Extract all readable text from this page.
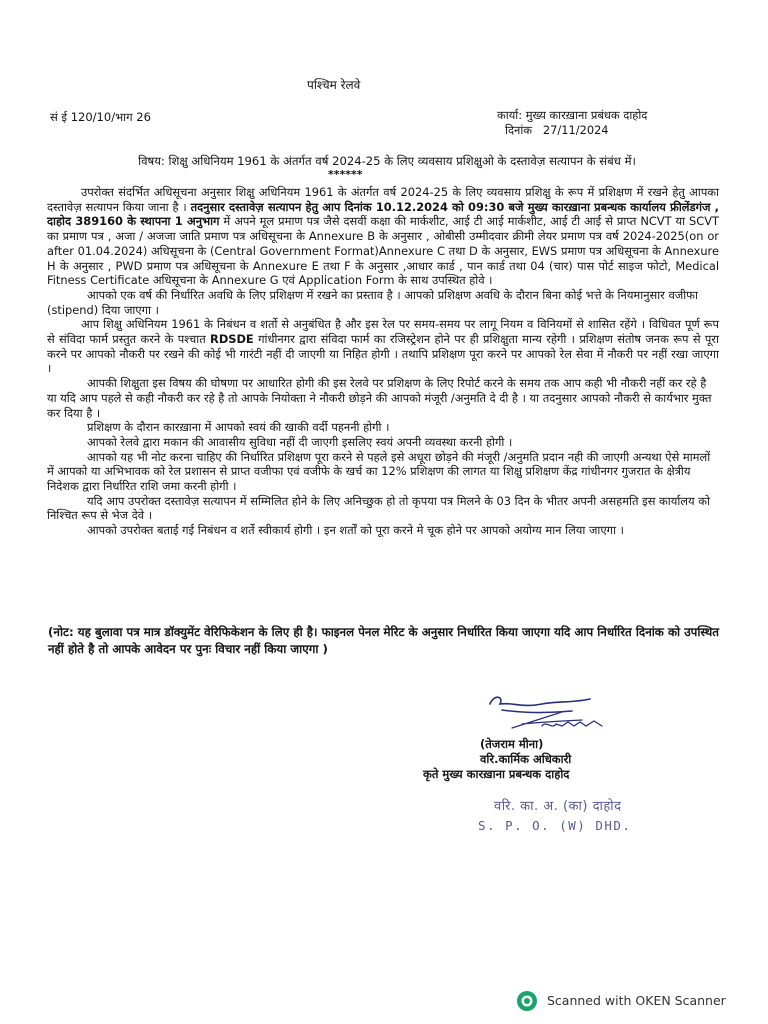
पश्चिम रेलवे
सं ई 120/10/भाग 26	कार्या: मुख्य कारख़ाना प्रबंधक दाहोद
दिनांक 27/11/2024
विषय: शिक्षु अधिनियम 1961 के अंतर्गत वर्ष 2024-25 के लिए व्यवसाय प्रशिक्षुओ के दस्तावेज़ सत्यापन के संबंध में।
******

उपरोक्त संदर्भित अधिसूचना अनुसार शिक्षु अधिनियम 1961 के अंतर्गत वर्ष 2024-25 के लिए व्यवसाय प्रशिक्षु के रूप में प्रशिक्षण में रखने हेतु आपका दस्तावेज़ सत्यापन किया जाना है । तदनुसार दस्तावेज़ सत्यापन हेतु आप दिनांक 10.12.2024 को 09:30 बजे मुख्य कारख़ाना प्रबन्धक कार्यालय फ्रीलेंडगंज , दाहोद 389160 के स्थापना 1 अनुभाग में अपने मूल प्रमाण पत्र जैसे दसवीं कक्षा की मार्कशीट, आई टी आई मार्कशीट, आई टी आई से प्राप्त NCVT या SCVT का प्रमाण पत्र , अजा / अजजा जाति प्रमाण पत्र अधिसूचना के Annexure B के अनुसार , ओबीसी उम्मीदवार क्रीमी लेयर प्रमाण पत्र वर्ष 2024-2025(on or after 01.04.2024) अधिसूचना के (Central Government Format)Annexure C तथा D के अनुसार, EWS प्रमाण पत्र अधिसूचना के Annexure H के अनुसार , PWD प्रमाण पत्र अधिसूचना के Annexure E तथा F के अनुसार ,आधार कार्ड , पान कार्ड तथा 04 (चार) पास पोर्ट साइज फोटो, Medical Fitness Certificate अधिसूचना के Annexure G एवं Application Form के साथ उपस्थित होवे ।

आपको एक वर्ष की निर्धारित अवधि के लिए प्रशिक्षण में रखने का प्रस्ताव है । आपको प्रशिक्षण अवधि के दौरान बिना कोई भत्ते के नियमानुसार वजीफा (stipend) दिया जाएगा ।

आप शिक्षु अधिनियम 1961 के निबंधन व शर्तो से अनुबंधित है और इस रेल पर समय-समय पर लागू नियम व विनियमों से शासित रहेंगे । विधिवत पूर्ण रूप से संविदा फार्म प्रस्तुत करने के पश्चात RDSDE गांधीनगर द्वारा संविदा फार्म का रजिस्ट्रेशन होने पर ही प्रशिक्षुता मान्य रहेगी । प्रशिक्षण संतोष जनक रूप से पूरा करने पर आपको नौकरी पर रखने की कोई भी गारंटी नहीं दी जाएगी या निहित होगी । तथापि प्रशिक्षण पूरा करने पर आपको रेल सेवा में नौकरी पर नहीं रखा जाएगा ।

आपकी शिक्षुता इस विषय की घोषणा पर आधारित होगी की इस रेलवे पर प्रशिक्षण के लिए रिपोर्ट करने के समय तक आप कही भी नौकरी नहीं कर रहे है या यदि आप पहले से कही नौकरी कर रहे है तो आपके नियोक्ता ने नौकरी छोड़ने की आपको मंजूरी /अनुमति दे दी है । या तदनुसार आपको नौकरी से कार्यभार मुक्त कर दिया है ।

प्रशिक्षण के दौरान कारख़ाना में आपको स्वयं की खाकी वर्दी पहननी होगी ।

आपको रेलवे द्वारा मकान की आवासीय सुविधा नहीं दी जाएगी इसलिए स्वयं अपनी व्यवस्था करनी होगी ।

आपको यह भी नोट करना चाहिए की निर्धारित प्रशिक्षण पूरा करने से पहले इसे अधूरा छोड़ने की मंजूरी /अनुमति प्रदान नही की जाएगी अन्यथा ऐसे मामलों में आपको या अभिभावक को रेल प्रशासन से प्राप्त वजीफा एवं वजीफे के खर्च का 12% प्रशिक्षण की लागत या शिक्षु प्रशिक्षण केंद्र गांधीनगर गुजरात के क्षेत्रीय निदेशक द्वारा निर्धारित राशि जमा करनी होगी ।

यदि आप उपरोक्त दस्तावेज़ सत्यापन में सम्मिलित होने के लिए अनिच्छुक हो तो कृपया पत्र मिलने के 03 दिन के भीतर अपनी असहमति इस कार्यालय को निश्चित रूप से भेज देवे ।

आपको उपरोक्त बताई गई निबंधन व शर्ते स्वीकार्य होगी । इन शर्तों को पूरा करने मे चूक होने पर आपको अयोग्य मान लिया जाएगा ।

(नोट: यह बुलावा पत्र मात्र डॉक्युमेंट वेरिफिकेशन के लिए ही है। फाइनल पेनल मेरिट के अनुसार निर्धारित किया जाएगा यदि आप निर्धारित दिनांक को उपस्थित नहीं होते है तो आपके आवेदन पर पुनः विचार नहीं किया जाएगा )
(तेजराम मीना)
वरि.कार्मिक अधिकारी
कृते मुख्य कारख़ाना प्रबन्धक दाहोद
वरि. का. अ. (का) दाहोद
S. P. O. (W) DHD.
Scanned with OKEN Scanner
